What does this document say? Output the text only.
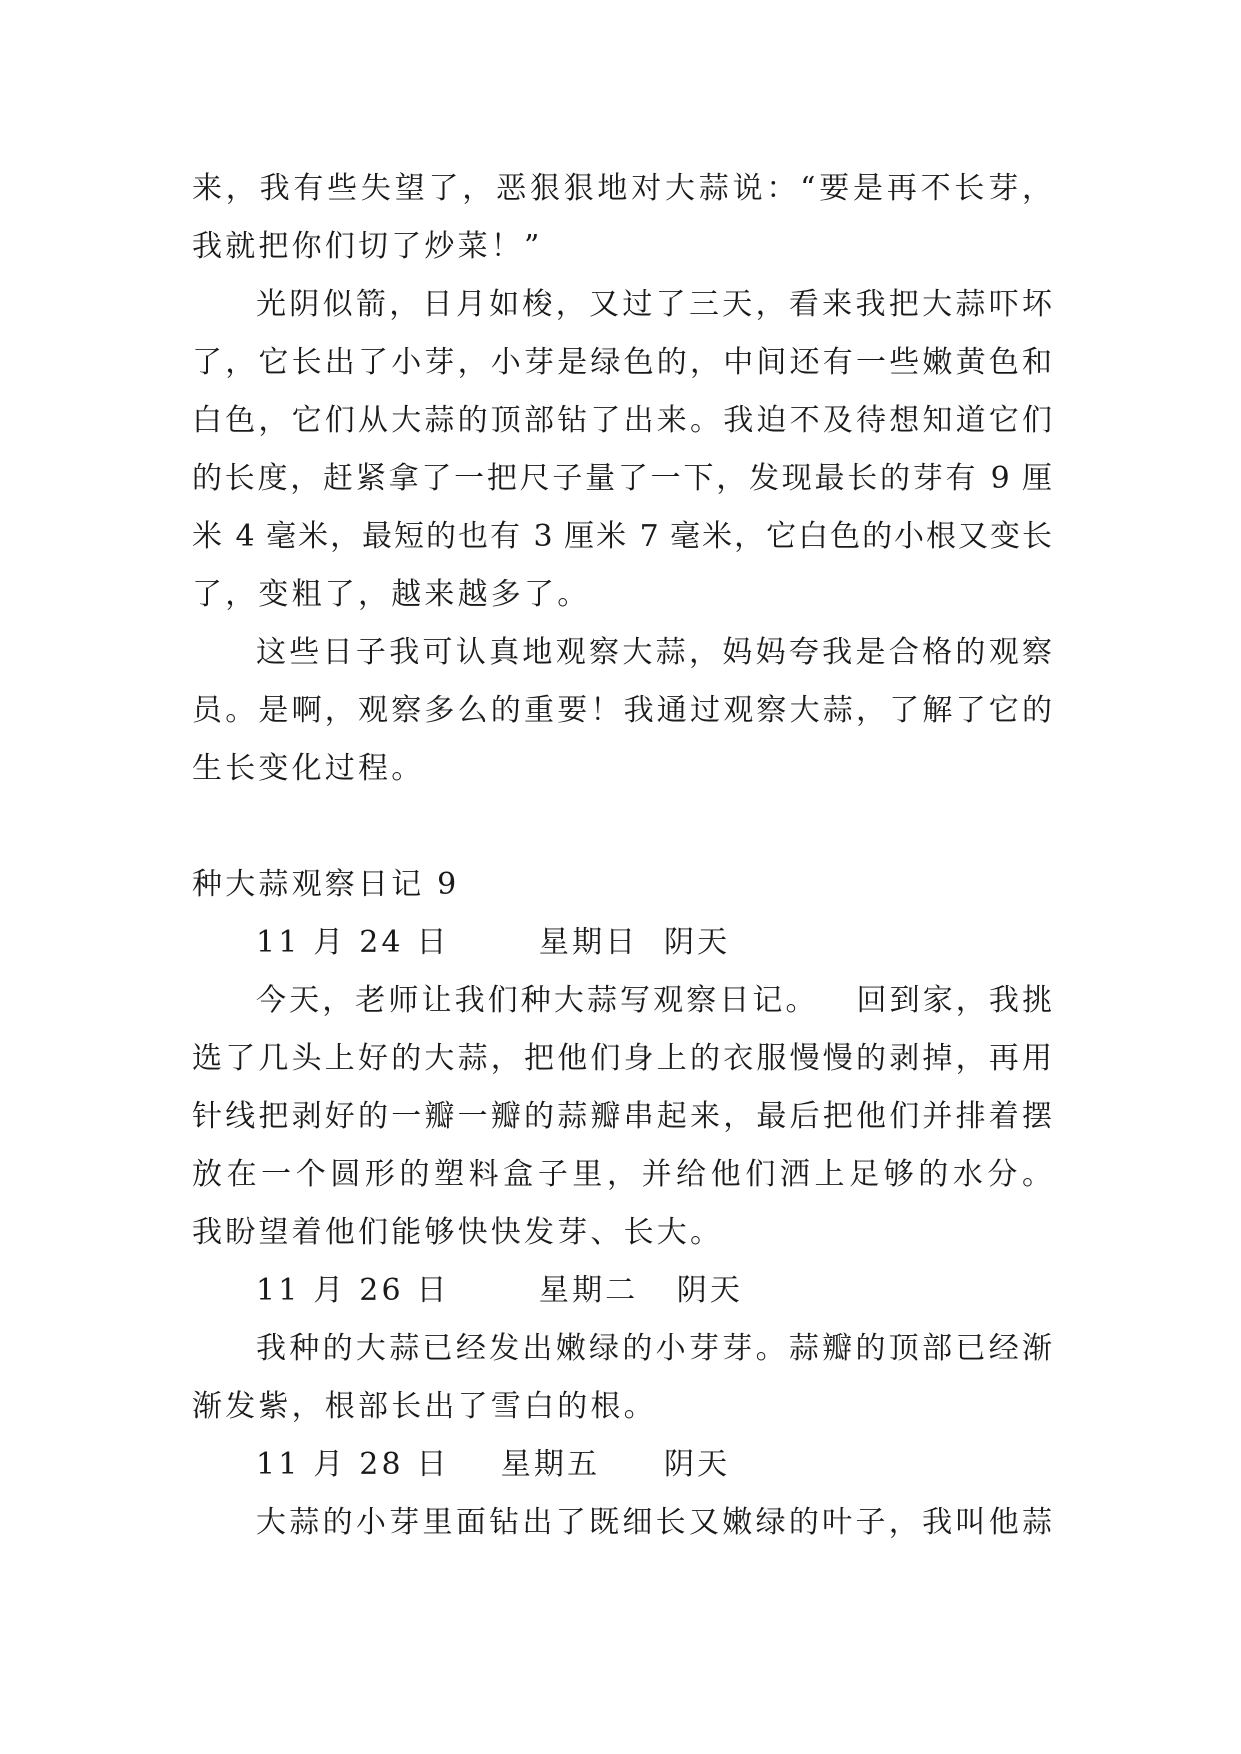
来，我有些失望了，恶狠狠地对大蒜说：“要是再不长芽，
我就把你们切了炒菜！”
光阴似箭，日月如梭，又过了三天，看来我把大蒜吓坏
了，它长出了小芽，小芽是绿色的，中间还有一些嫩黄色和
白色，它们从大蒜的顶部钻了出来。我迫不及待想知道它们
的长度，赶紧拿了一把尺子量了一下，发现最长的芽有 9 厘
米 4 毫米，最短的也有 3 厘米 7 毫米，它白色的小根又变长
了，变粗了，越来越多了。
这些日子我可认真地观察大蒜，妈妈夸我是合格的观察
员。是啊，观察多么的重要！我通过观察大蒜，了解了它的
生长变化过程。
种大蒜观察日记 9
11 月 24 日       星期日  阴天
今天，老师让我们种大蒜写观察日记。   回到家，我挑
选了几头上好的大蒜，把他们身上的衣服慢慢的剥掉，再用
针线把剥好的一瓣一瓣的蒜瓣串起来，最后把他们并排着摆
放在一个圆形的塑料盒子里，并给他们洒上足够的水分。
我盼望着他们能够快快发芽、长大。
11 月 26 日       星期二   阴天
我种的大蒜已经发出嫩绿的小芽芽。蒜瓣的顶部已经渐
渐发紫，根部长出了雪白的根。
11 月 28 日    星期五     阴天
大蒜的小芽里面钻出了既细长又嫩绿的叶子，我叫他蒜
